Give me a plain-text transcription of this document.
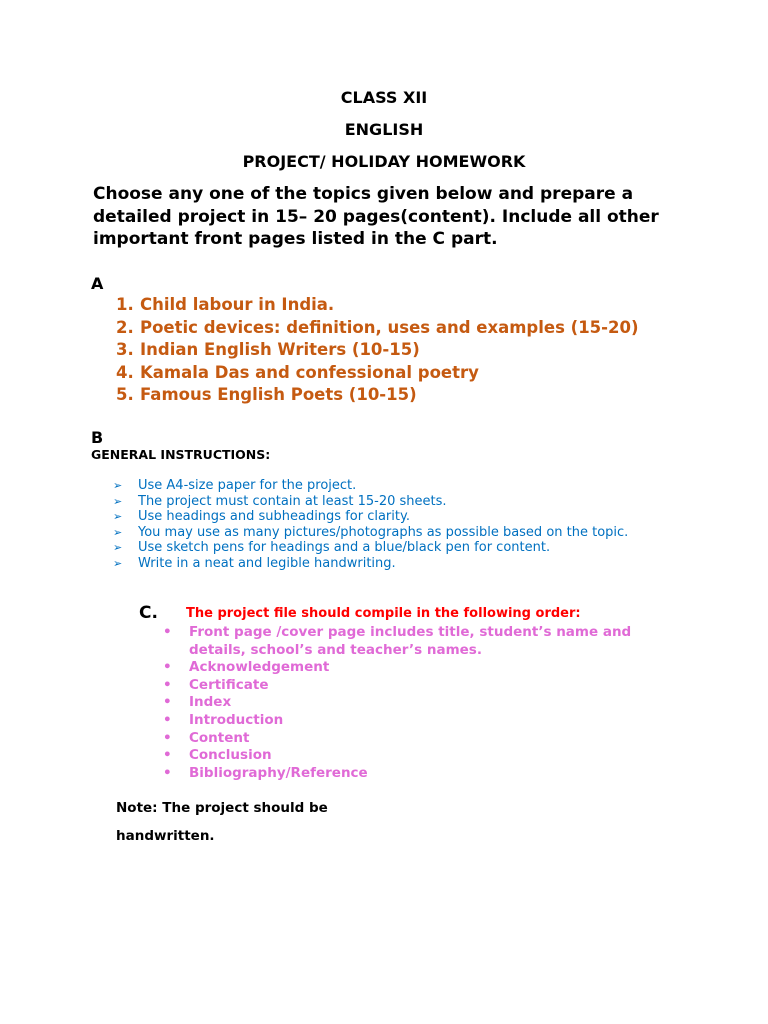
CLASS XII
ENGLISH
PROJECT/ HOLIDAY HOMEWORK
Choose any one of the topics given below and prepare a detailed project in 15– 20 pages(content). Include all other important front pages listed in the C part.
A
1. Child labour in India.
2. Poetic devices: definition, uses and examples (15-20)
3. Indian English Writers (10-15)
4. Kamala Das and confessional poetry
5. Famous English Poets (10-15)
B
GENERAL INSTRUCTIONS:
➢ Use A4-size paper for the project.
➢ The project must contain at least 15-20 sheets.
➢ Use headings and subheadings for clarity.
➢ You may use as many pictures/photographs as possible based on the topic.
➢ Use sketch pens for headings and a blue/black pen for content.
➢ Write in a neat and legible handwriting.
C. The project file should compile in the following order:
• Front page /cover page includes title, student’s name and details, school’s and teacher’s names.
• Acknowledgement
• Certificate
• Index
• Introduction
• Content
• Conclusion
• Bibliography/Reference
Note: The project should be
handwritten.
